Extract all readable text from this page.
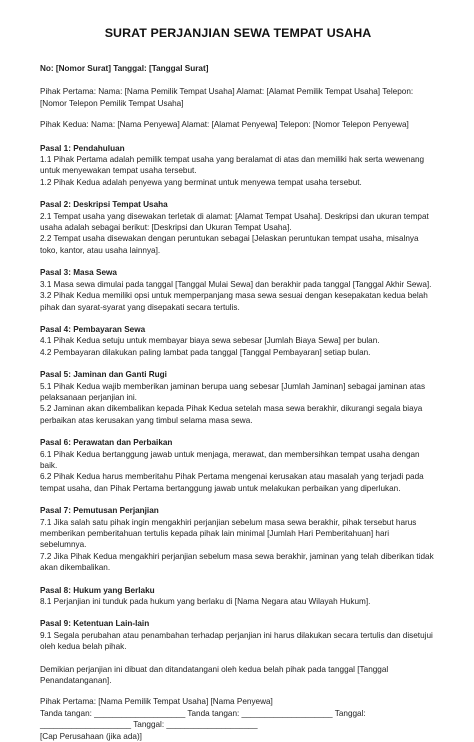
SURAT PERJANJIAN SEWA TEMPAT USAHA

No: [Nomor Surat] Tanggal: [Tanggal Surat]

Pihak Pertama: Nama: [Nama Pemilik Tempat Usaha] Alamat: [Alamat Pemilik Tempat Usaha] Telepon: [Nomor Telepon Pemilik Tempat Usaha]

Pihak Kedua: Nama: [Nama Penyewa] Alamat: [Alamat Penyewa] Telepon: [Nomor Telepon Penyewa]

Pasal 1: Pendahuluan

1.1 Pihak Pertama adalah pemilik tempat usaha yang beralamat di atas dan memiliki hak serta wewenang untuk menyewakan tempat usaha tersebut.

1.2 Pihak Kedua adalah penyewa yang berminat untuk menyewa tempat usaha tersebut.

Pasal 2: Deskripsi Tempat Usaha

2.1 Tempat usaha yang disewakan terletak di alamat: [Alamat Tempat Usaha]. Deskripsi dan ukuran tempat usaha adalah sebagai berikut: [Deskripsi dan Ukuran Tempat Usaha].

2.2 Tempat usaha disewakan dengan peruntukan sebagai [Jelaskan peruntukan tempat usaha, misalnya toko, kantor, atau usaha lainnya].

Pasal 3: Masa Sewa

3.1 Masa sewa dimulai pada tanggal [Tanggal Mulai Sewa] dan berakhir pada tanggal [Tanggal Akhir Sewa].

3.2 Pihak Kedua memiliki opsi untuk memperpanjang masa sewa sesuai dengan kesepakatan kedua belah pihak dan syarat-syarat yang disepakati secara tertulis.

Pasal 4: Pembayaran Sewa

4.1 Pihak Kedua setuju untuk membayar biaya sewa sebesar [Jumlah Biaya Sewa] per bulan.

4.2 Pembayaran dilakukan paling lambat pada tanggal [Tanggal Pembayaran] setiap bulan.

Pasal 5: Jaminan dan Ganti Rugi

5.1 Pihak Kedua wajib memberikan jaminan berupa uang sebesar [Jumlah Jaminan] sebagai jaminan atas pelaksanaan perjanjian ini.

5.2 Jaminan akan dikembalikan kepada Pihak Kedua setelah masa sewa berakhir, dikurangi segala biaya perbaikan atas kerusakan yang timbul selama masa sewa.

Pasal 6: Perawatan dan Perbaikan

6.1 Pihak Kedua bertanggung jawab untuk menjaga, merawat, dan membersihkan tempat usaha dengan baik.

6.2 Pihak Kedua harus memberitahu Pihak Pertama mengenai kerusakan atau masalah yang terjadi pada tempat usaha, dan Pihak Pertama bertanggung jawab untuk melakukan perbaikan yang diperlukan.

Pasal 7: Pemutusan Perjanjian

7.1 Jika salah satu pihak ingin mengakhiri perjanjian sebelum masa sewa berakhir, pihak tersebut harus memberikan pemberitahuan tertulis kepada pihak lain minimal [Jumlah Hari Pemberitahuan] hari sebelumnya.

7.2 Jika Pihak Kedua mengakhiri perjanjian sebelum masa sewa berakhir, jaminan yang telah diberikan tidak akan dikembalikan.

Pasal 8: Hukum yang Berlaku

8.1 Perjanjian ini tunduk pada hukum yang berlaku di [Nama Negara atau Wilayah Hukum].

Pasal 9: Ketentuan Lain-lain

9.1 Segala perubahan atau penambahan terhadap perjanjian ini harus dilakukan secara tertulis dan disetujui oleh kedua belah pihak.

Demikian perjanjian ini dibuat dan ditandatangani oleh kedua belah pihak pada tanggal [Tanggal Penandatanganan].

Pihak Pertama: [Nama Pemilik Tempat Usaha] [Nama Penyewa]

Tanda tangan: ____________________ Tanda tangan: ____________________ Tanggal:

____________________ Tanggal: ____________________

[Cap Perusahaan (jika ada)]
